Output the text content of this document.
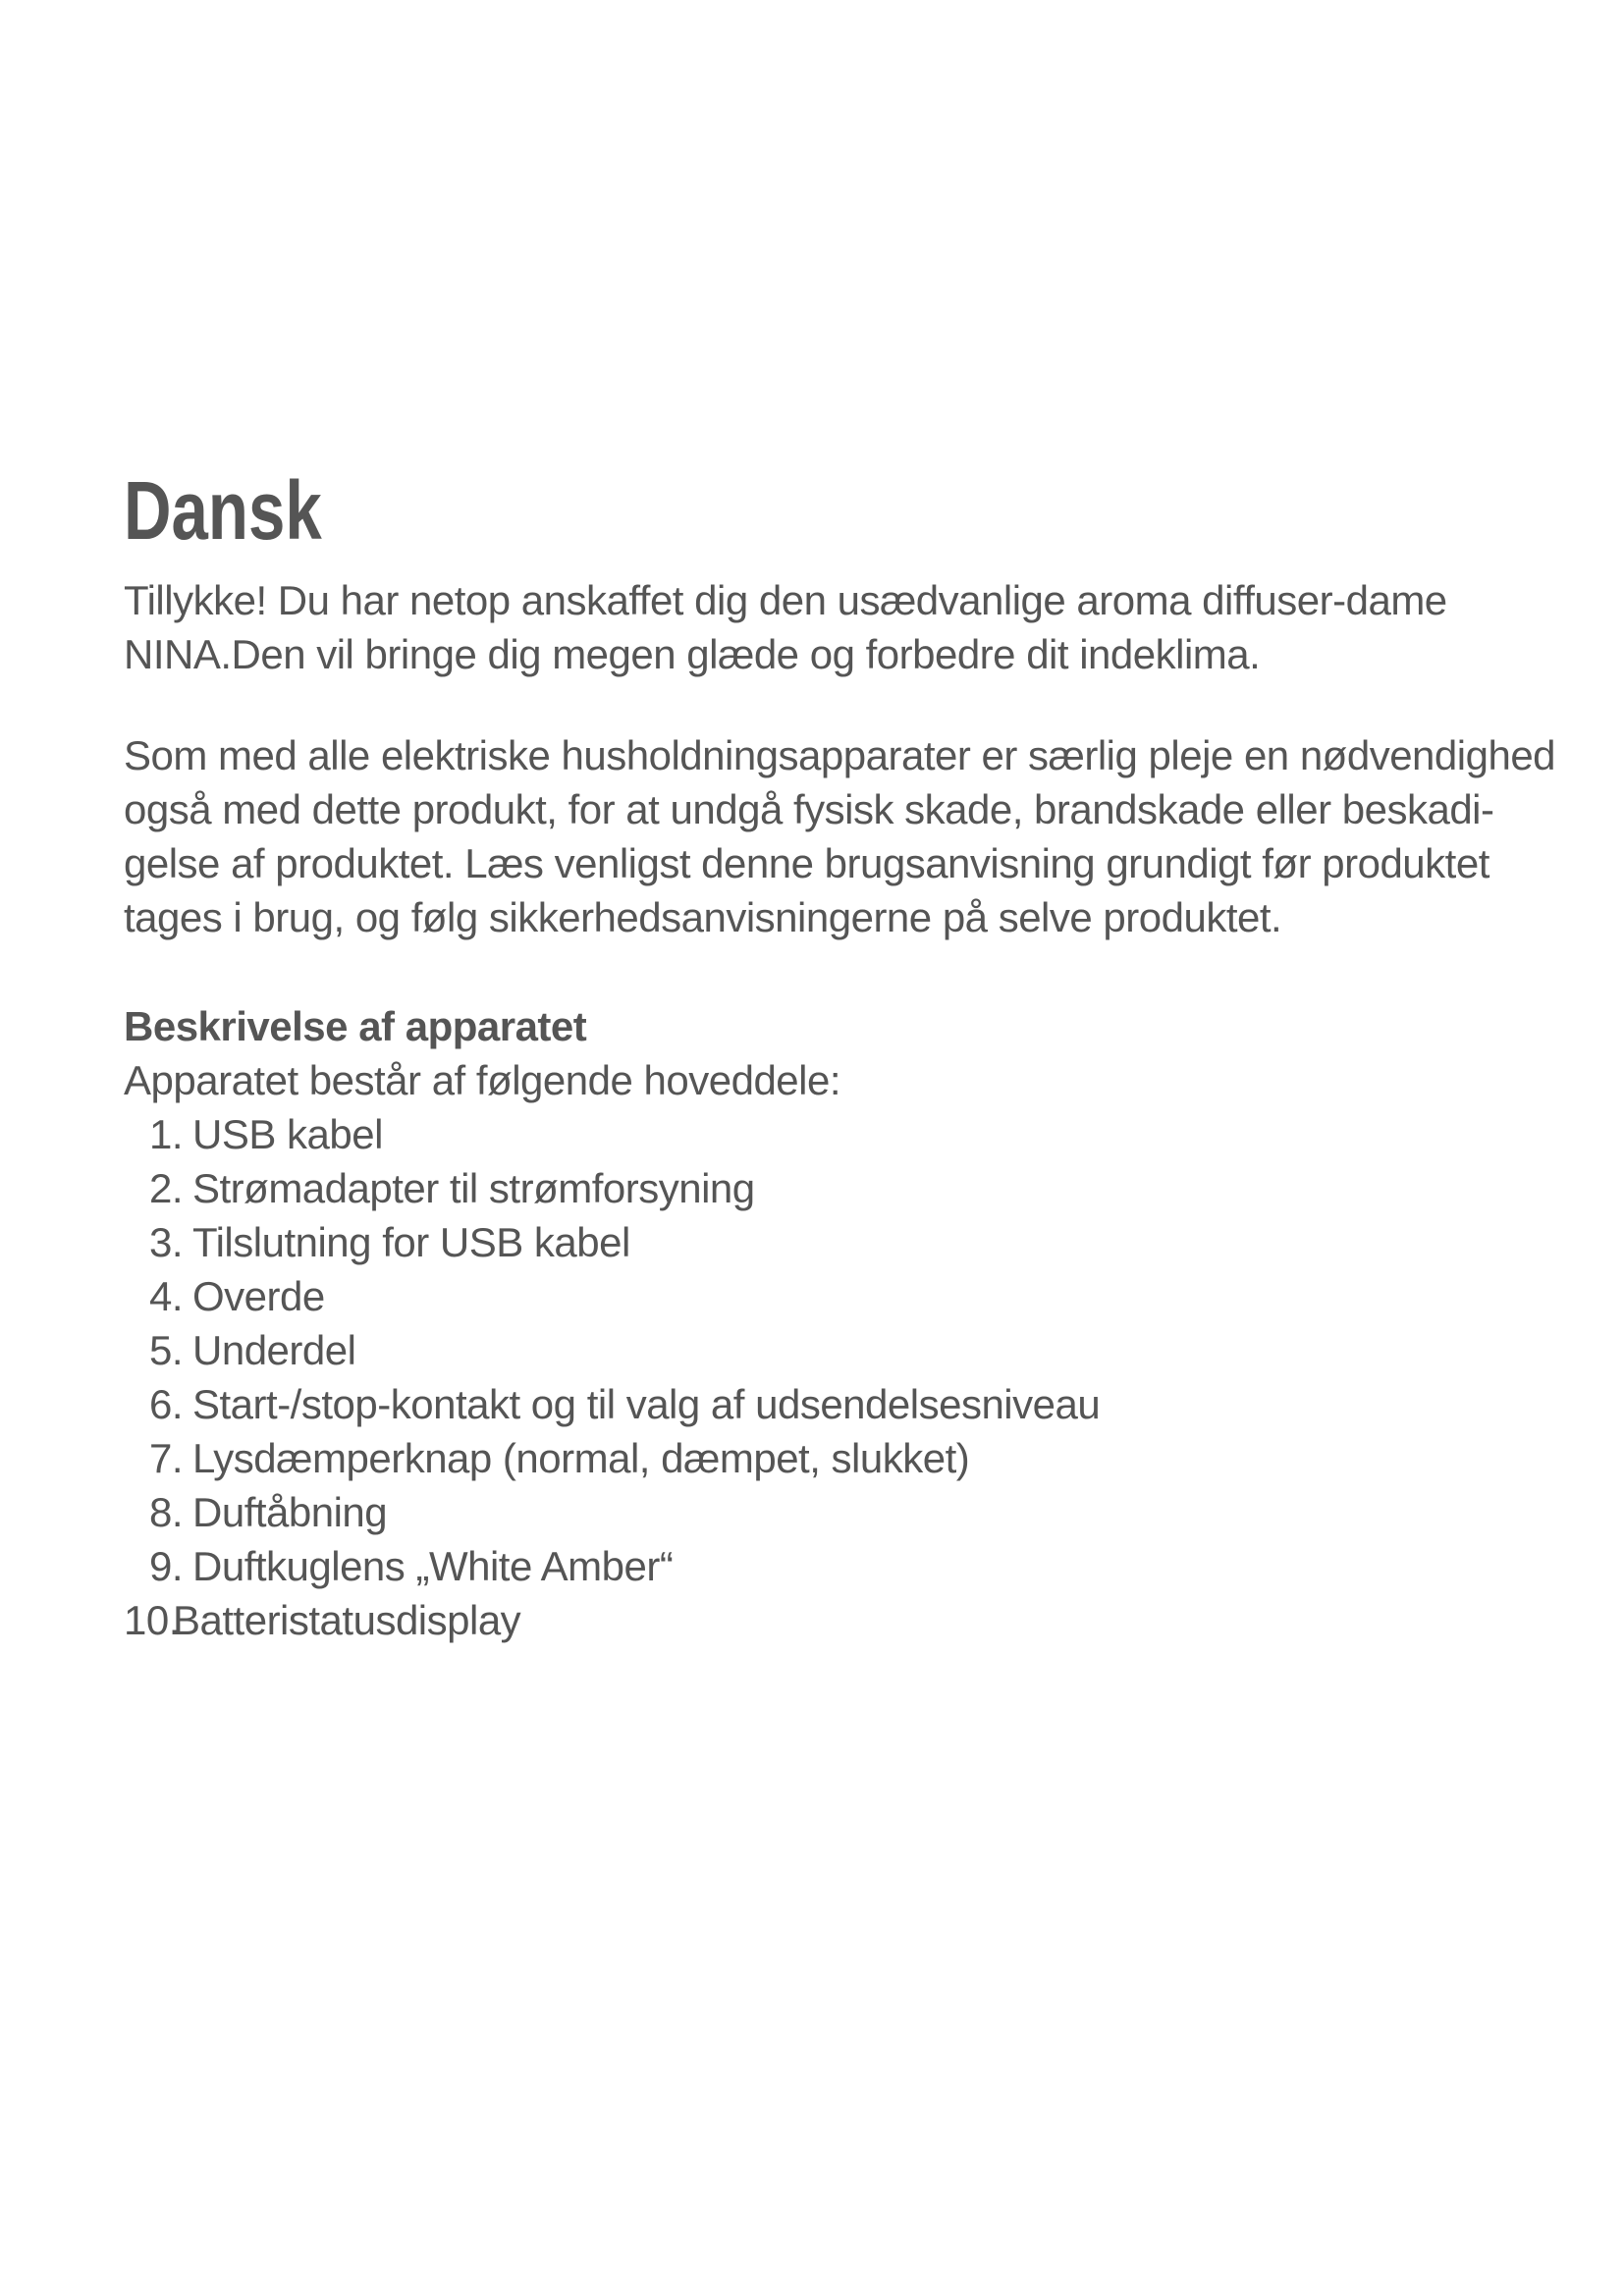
Dansk

Tillykke! Du har netop anskaffet dig den usædvanlige aroma diffuser-dame
NINA.Den vil bringe dig megen glæde og forbedre dit indeklima.

Som med alle elektriske husholdningsapparater er særlig pleje en nødvendighed
også med dette produkt, for at undgå fysisk skade, brandskade eller beskadi-
gelse af produktet. Læs venligst denne brugsanvisning grundigt før produktet
tages i brug, og følg sikkerhedsanvisningerne på selve produktet.

Beskrivelse af apparatet

Apparatet består af følgende hoveddele:

1. USB kabel
2. Strømadapter til strømforsyning
3. Tilslutning for USB kabel
4. Overde
5. Underdel
6. Start-/stop-kontakt og til valg af udsendelsesniveau
7. Lysdæmperknap (normal, dæmpet, slukket)
8. Duftåbning
9. Duftkuglens „White Amber“
10.
Batteristatusdisplay
